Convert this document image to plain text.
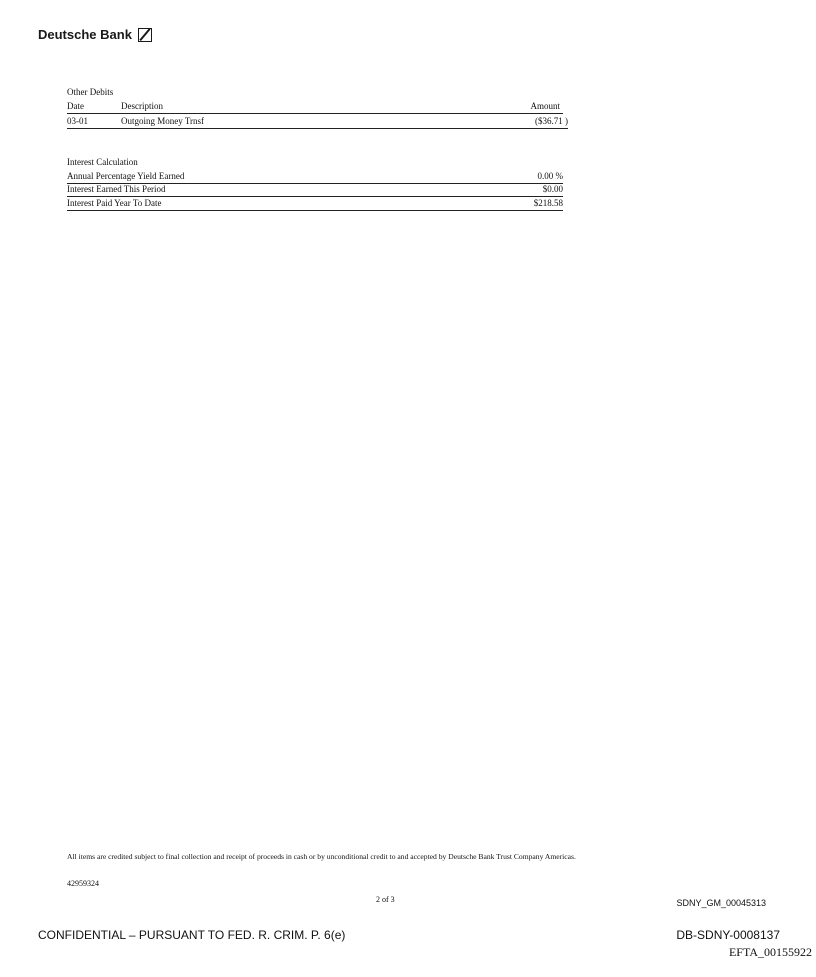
Deutsche Bank
Other Debits
Date	Description	Amount
03-01	Outgoing Money Trnsf	($36.71 )
Interest Calculation
Annual Percentage Yield Earned	0.00 %
Interest Earned This Period	$0.00
Interest Paid Year To Date	$218.58
All items are credited subject to final collection and receipt of proceeds in cash or by unconditional credit to and accepted by Deutsche Bank Trust Company Americas.
42959324
2 of 3	SDNY_GM_00045313
CONFIDENTIAL – PURSUANT TO FED. R. CRIM. P. 6(e)	DB-SDNY-0008137
EFTA_00155922
